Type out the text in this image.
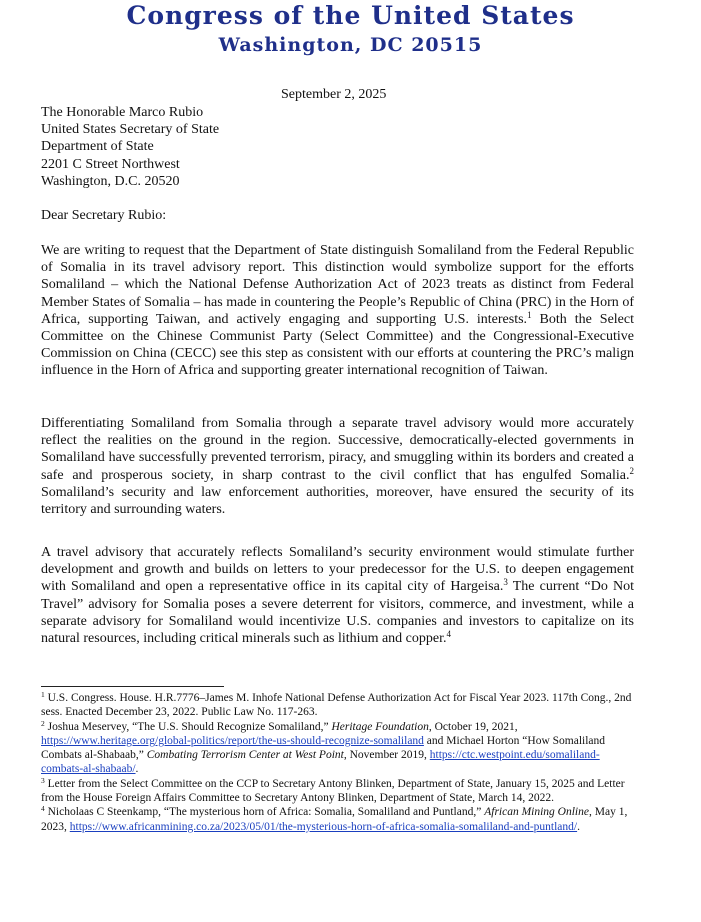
Congress of the United States
Washington, DC 20515
September 2, 2025
The Honorable Marco Rubio
United States Secretary of State
Department of State
2201 C Street Northwest
Washington, D.C. 20520
Dear Secretary Rubio:

We are writing to request that the Department of State distinguish Somaliland from the Federal Republic of Somalia in its travel advisory report. This distinction would symbolize support for the efforts Somaliland – which the National Defense Authorization Act of 2023 treats as distinct from Federal Member States of Somalia – has made in countering the People’s Republic of China (PRC) in the Horn of Africa, supporting Taiwan, and actively engaging and supporting U.S. interests.$^1$ Both the Select Committee on the Chinese Communist Party (Select Committee) and the Congressional-Executive Commission on China (CECC) see this step as consistent with our efforts at countering the PRC’s malign influence in the Horn of Africa and supporting greater international recognition of Taiwan.

Differentiating Somaliland from Somalia through a separate travel advisory would more accurately reflect the realities on the ground in the region. Successive, democratically-elected governments in Somaliland have successfully prevented terrorism, piracy, and smuggling within its borders and created a safe and prosperous society, in sharp contrast to the civil conflict that has engulfed Somalia.$^2$ Somaliland’s security and law enforcement authorities, moreover, have ensured the security of its territory and surrounding waters.

A travel advisory that accurately reflects Somaliland’s security environment would stimulate further development and growth and builds on letters to your predecessor for the U.S. to deepen engagement with Somaliland and open a representative office in its capital city of Hargeisa.$^3$ The current “Do Not Travel” advisory for Somalia poses a severe deterrent for visitors, commerce, and investment, while a separate advisory for Somaliland would incentivize U.S. companies and investors to capitalize on its natural resources, including critical minerals such as lithium and copper.$^4$

$^1$ U.S. Congress. House. H.R.7776–James M. Inhofe National Defense Authorization Act for Fiscal Year 2023. 117th Cong., 2nd sess. Enacted December 23, 2022. Public Law No. 117-263.

$^2$ Joshua Meservey, “The U.S. Should Recognize Somaliland,” Heritage Foundation, October 19, 2021, https://www.heritage.org/global-politics/report/the-us-should-recognize-somaliland and Michael Horton “How Somaliland Combats al-Shabaab,” Combating Terrorism Center at West Point, November 2019, https://ctc.westpoint.edu/somaliland-combats-al-shabaab/.

$^3$ Letter from the Select Committee on the CCP to Secretary Antony Blinken, Department of State, January 15, 2025 and Letter from the House Foreign Affairs Committee to Secretary Antony Blinken, Department of State, March 14, 2022.

$^4$ Nicholaas C Steenkamp, “The mysterious horn of Africa: Somalia, Somaliland and Puntland,” African Mining Online, May 1, 2023, https://www.africanmining.co.za/2023/05/01/the-mysterious-horn-of-africa-somalia-somaliland-and-puntland/.
